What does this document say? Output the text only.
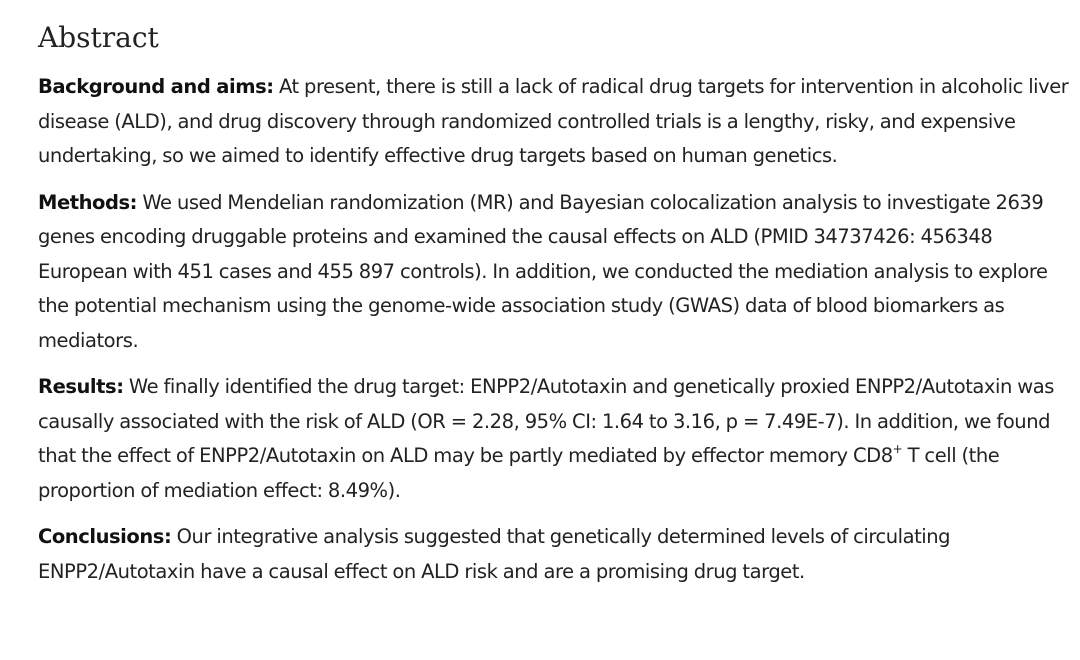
Abstract

Background and aims: At present, there is still a lack of radical drug targets for intervention in alcoholic liver disease (ALD), and drug discovery through randomized controlled trials is a lengthy, risky, and expensive undertaking, so we aimed to identify effective drug targets based on human genetics.

Methods: We used Mendelian randomization (MR) and Bayesian colocalization analysis to investigate 2639 genes encoding druggable proteins and examined the causal effects on ALD (PMID 34737426: 456348 European with 451 cases and 455 897 controls). In addition, we conducted the mediation analysis to explore the potential mechanism using the genome-wide association study (GWAS) data of blood biomarkers as mediators.

Results: We finally identified the drug target: ENPP2/Autotaxin and genetically proxied ENPP2/Autotaxin was causally associated with the risk of ALD (OR = 2.28, 95% CI: 1.64 to 3.16, p = 7.49E-7). In addition, we found that the effect of ENPP2/Autotaxin on ALD may be partly mediated by effector memory CD8+ T cell (the proportion of mediation effect: 8.49%).

Conclusions: Our integrative analysis suggested that genetically determined levels of circulating ENPP2/Autotaxin have a causal effect on ALD risk and are a promising drug target.
